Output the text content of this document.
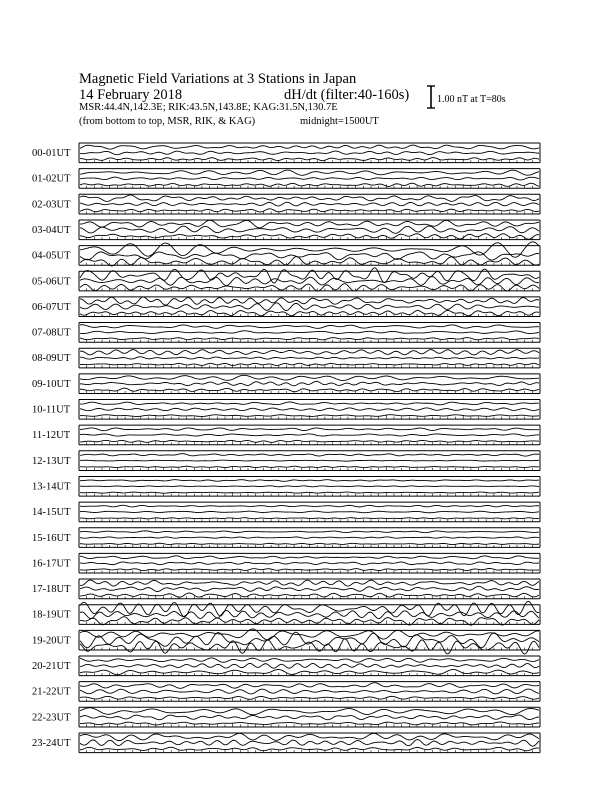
Magnetic Field Variations at 3 Stations in Japan
14 February 2018	dH/dt (filter:40-160s)
MSR:44.4N,142.3E; RIK:43.5N,143.8E; KAG:31.5N,130.7E
(from bottom to top, MSR, RIK, & KAG)	midnight=1500UT
1.00 nT at T=80s
00-01UT
01-02UT
02-03UT
03-04UT
04-05UT
05-06UT
06-07UT
07-08UT
08-09UT
09-10UT
10-11UT
11-12UT
12-13UT
13-14UT
14-15UT
15-16UT
16-17UT
17-18UT
18-19UT
19-20UT
20-21UT
21-22UT
22-23UT
23-24UT
